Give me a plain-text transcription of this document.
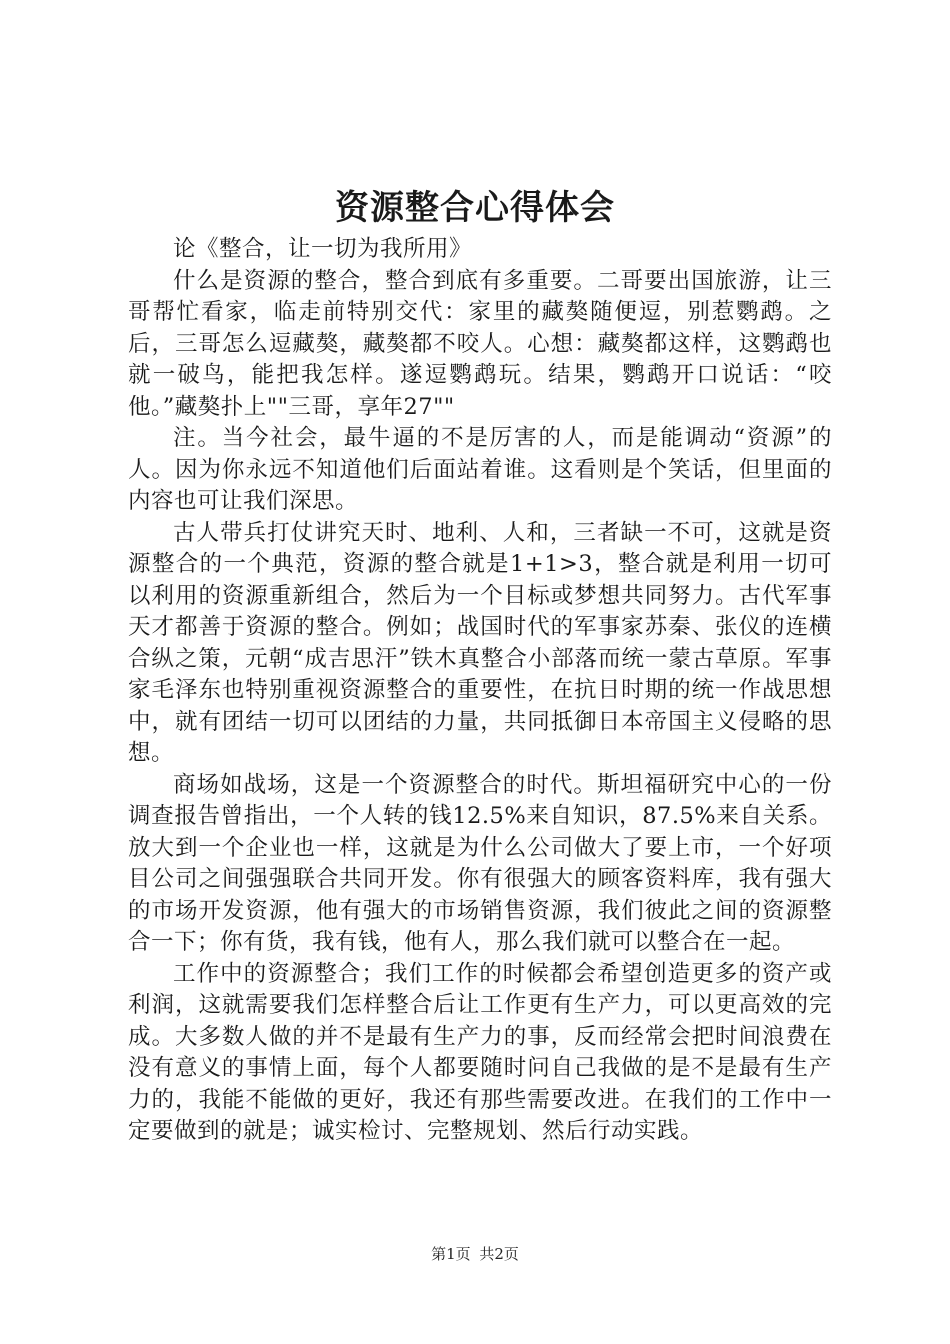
资源整合心得体会

论《整合，让一切为我所用》

什么是资源的整合，整合到底有多重要。二哥要出国旅游，让三哥帮忙看家，临走前特别交代：家里的藏獒随便逗，别惹鹦鹉。之后，三哥怎么逗藏獒，藏獒都不咬人。心想：藏獒都这样，这鹦鹉也就一破鸟，能把我怎样。遂逗鹦鹉玩。结果，鹦鹉开口说话：“咬他。”藏獒扑上""三哥，享年27""

注。当今社会，最牛逼的不是厉害的人，而是能调动“资源”的人。因为你永远不知道他们后面站着谁。这看则是个笑话，但里面的内容也可让我们深思。

古人带兵打仗讲究天时、地利、人和，三者缺一不可，这就是资源整合的一个典范，资源的整合就是1+1>3，整合就是利用一切可以利用的资源重新组合，然后为一个目标或梦想共同努力。古代军事天才都善于资源的整合。例如；战国时代的军事家苏秦、张仪的连横合纵之策，元朝“成吉思汗”铁木真整合小部落而统一蒙古草原。军事家毛泽东也特别重视资源整合的重要性，在抗日时期的统一作战思想中，就有团结一切可以团结的力量，共同抵御日本帝国主义侵略的思想。

商场如战场，这是一个资源整合的时代。斯坦福研究中心的一份调查报告曾指出，一个人转的钱12.5%来自知识，87.5%来自关系。放大到一个企业也一样，这就是为什么公司做大了要上市，一个好项目公司之间强强联合共同开发。你有很强大的顾客资料库，我有强大的市场开发资源，他有强大的市场销售资源，我们彼此之间的资源整合一下；你有货，我有钱，他有人，那么我们就可以整合在一起。

工作中的资源整合；我们工作的时候都会希望创造更多的资产或利润，这就需要我们怎样整合后让工作更有生产力，可以更高效的完成。大多数人做的并不是最有生产力的事，反而经常会把时间浪费在没有意义的事情上面，每个人都要随时问自己我做的是不是最有生产力的，我能不能做的更好，我还有那些需要改进。在我们的工作中一定要做到的就是；诚实检讨、完整规划、然后行动实践。

第1页 共2页
